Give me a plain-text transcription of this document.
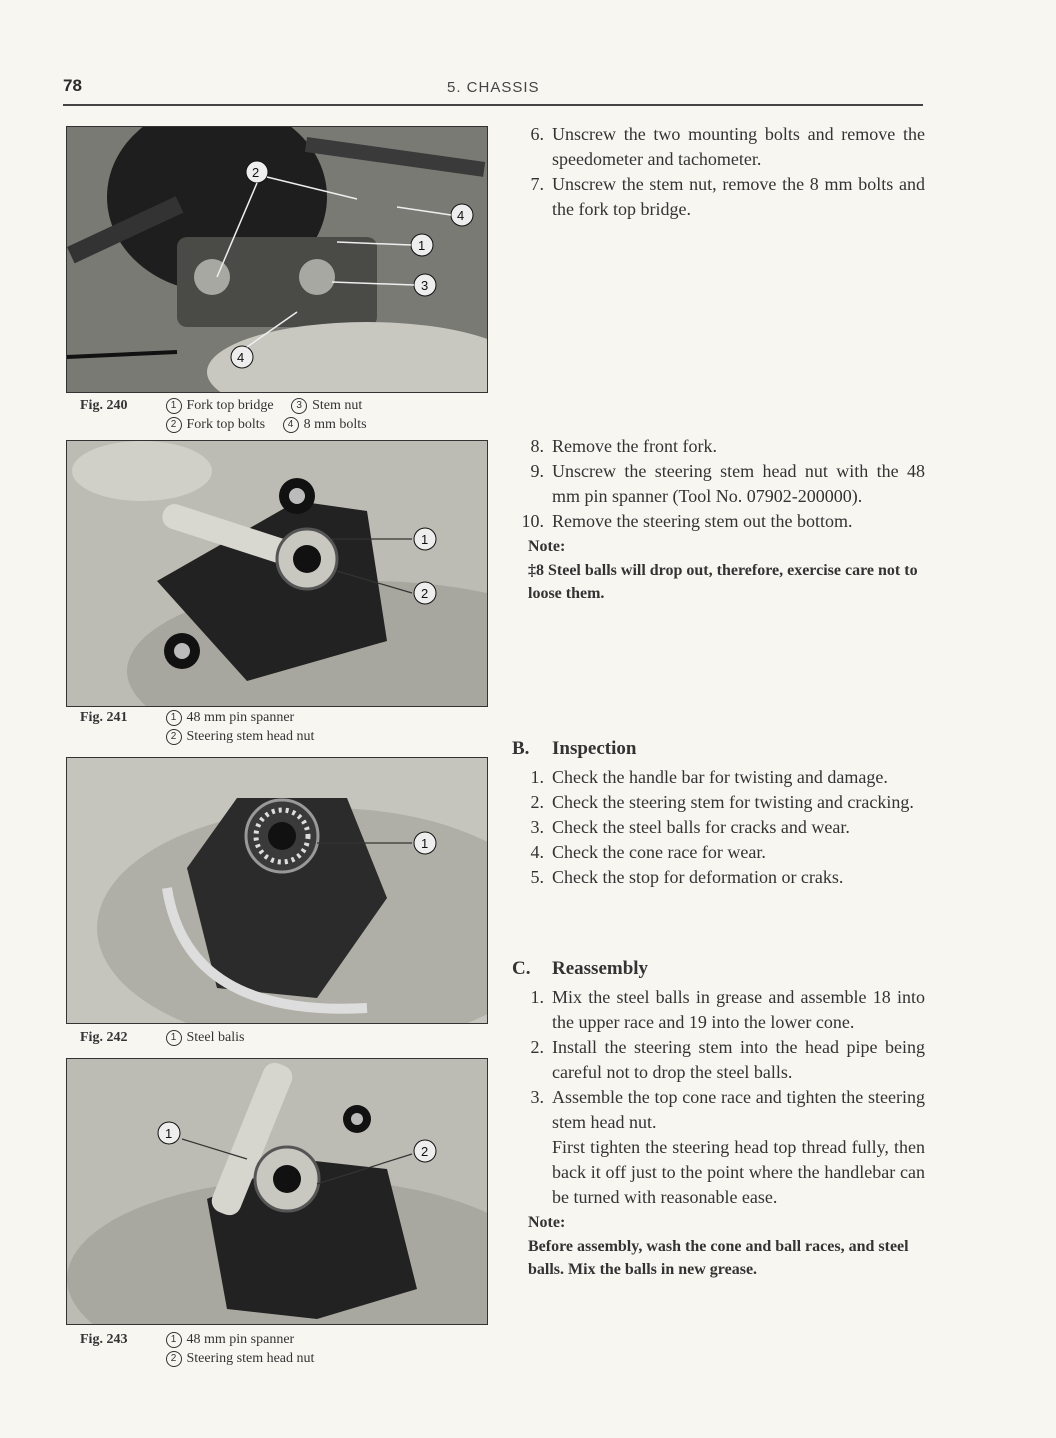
78	5. CHASSIS
2
4
1
3
4
Fig. 240	1 Fork top bridge 3 Stem nut
2 Fork top bolts 4 8 mm bolts
1
2
Fig. 241	1 48 mm pin spanner
2 Steering stem head nut
1
Fig. 242	1 Steel balis
1
2
Fig. 243	1 48 mm pin spanner
2 Steering stem head nut

6. Unscrew the two mounting bolts and remove the speedometer and tachometer.

7. Unscrew the stem nut, remove the 8 mm bolts and the fork top bridge.

8. Remove the front fork.

9. Unscrew the steering stem head nut with the 48 mm pin spanner (Tool No. 07902-200000).

10. Remove the steering stem out the bottom.

Note:
‡8 Steel balls will drop out, therefore, exercise care not to loose them.
B. Inspection

1. Check the handle bar for twisting and damage.

2. Check the steering stem for twisting and cracking.

3. Check the steel balls for cracks and wear.

4. Check the cone race for wear.

5. Check the stop for deformation or craks.

C. Reassembly

1. Mix the steel balls in grease and assemble 18 into the upper race and 19 into the lower cone.

2. Install the steering stem into the head pipe being careful not to drop the steel balls.

3. Assemble the top cone race and tighten the steering stem head nut.

First tighten the steering head top thread fully, then back it off just to the point where the handlebar can be turned with reasonable ease.
Note:
Before assembly, wash the cone and ball races, and steel balls. Mix the balls in new grease.
